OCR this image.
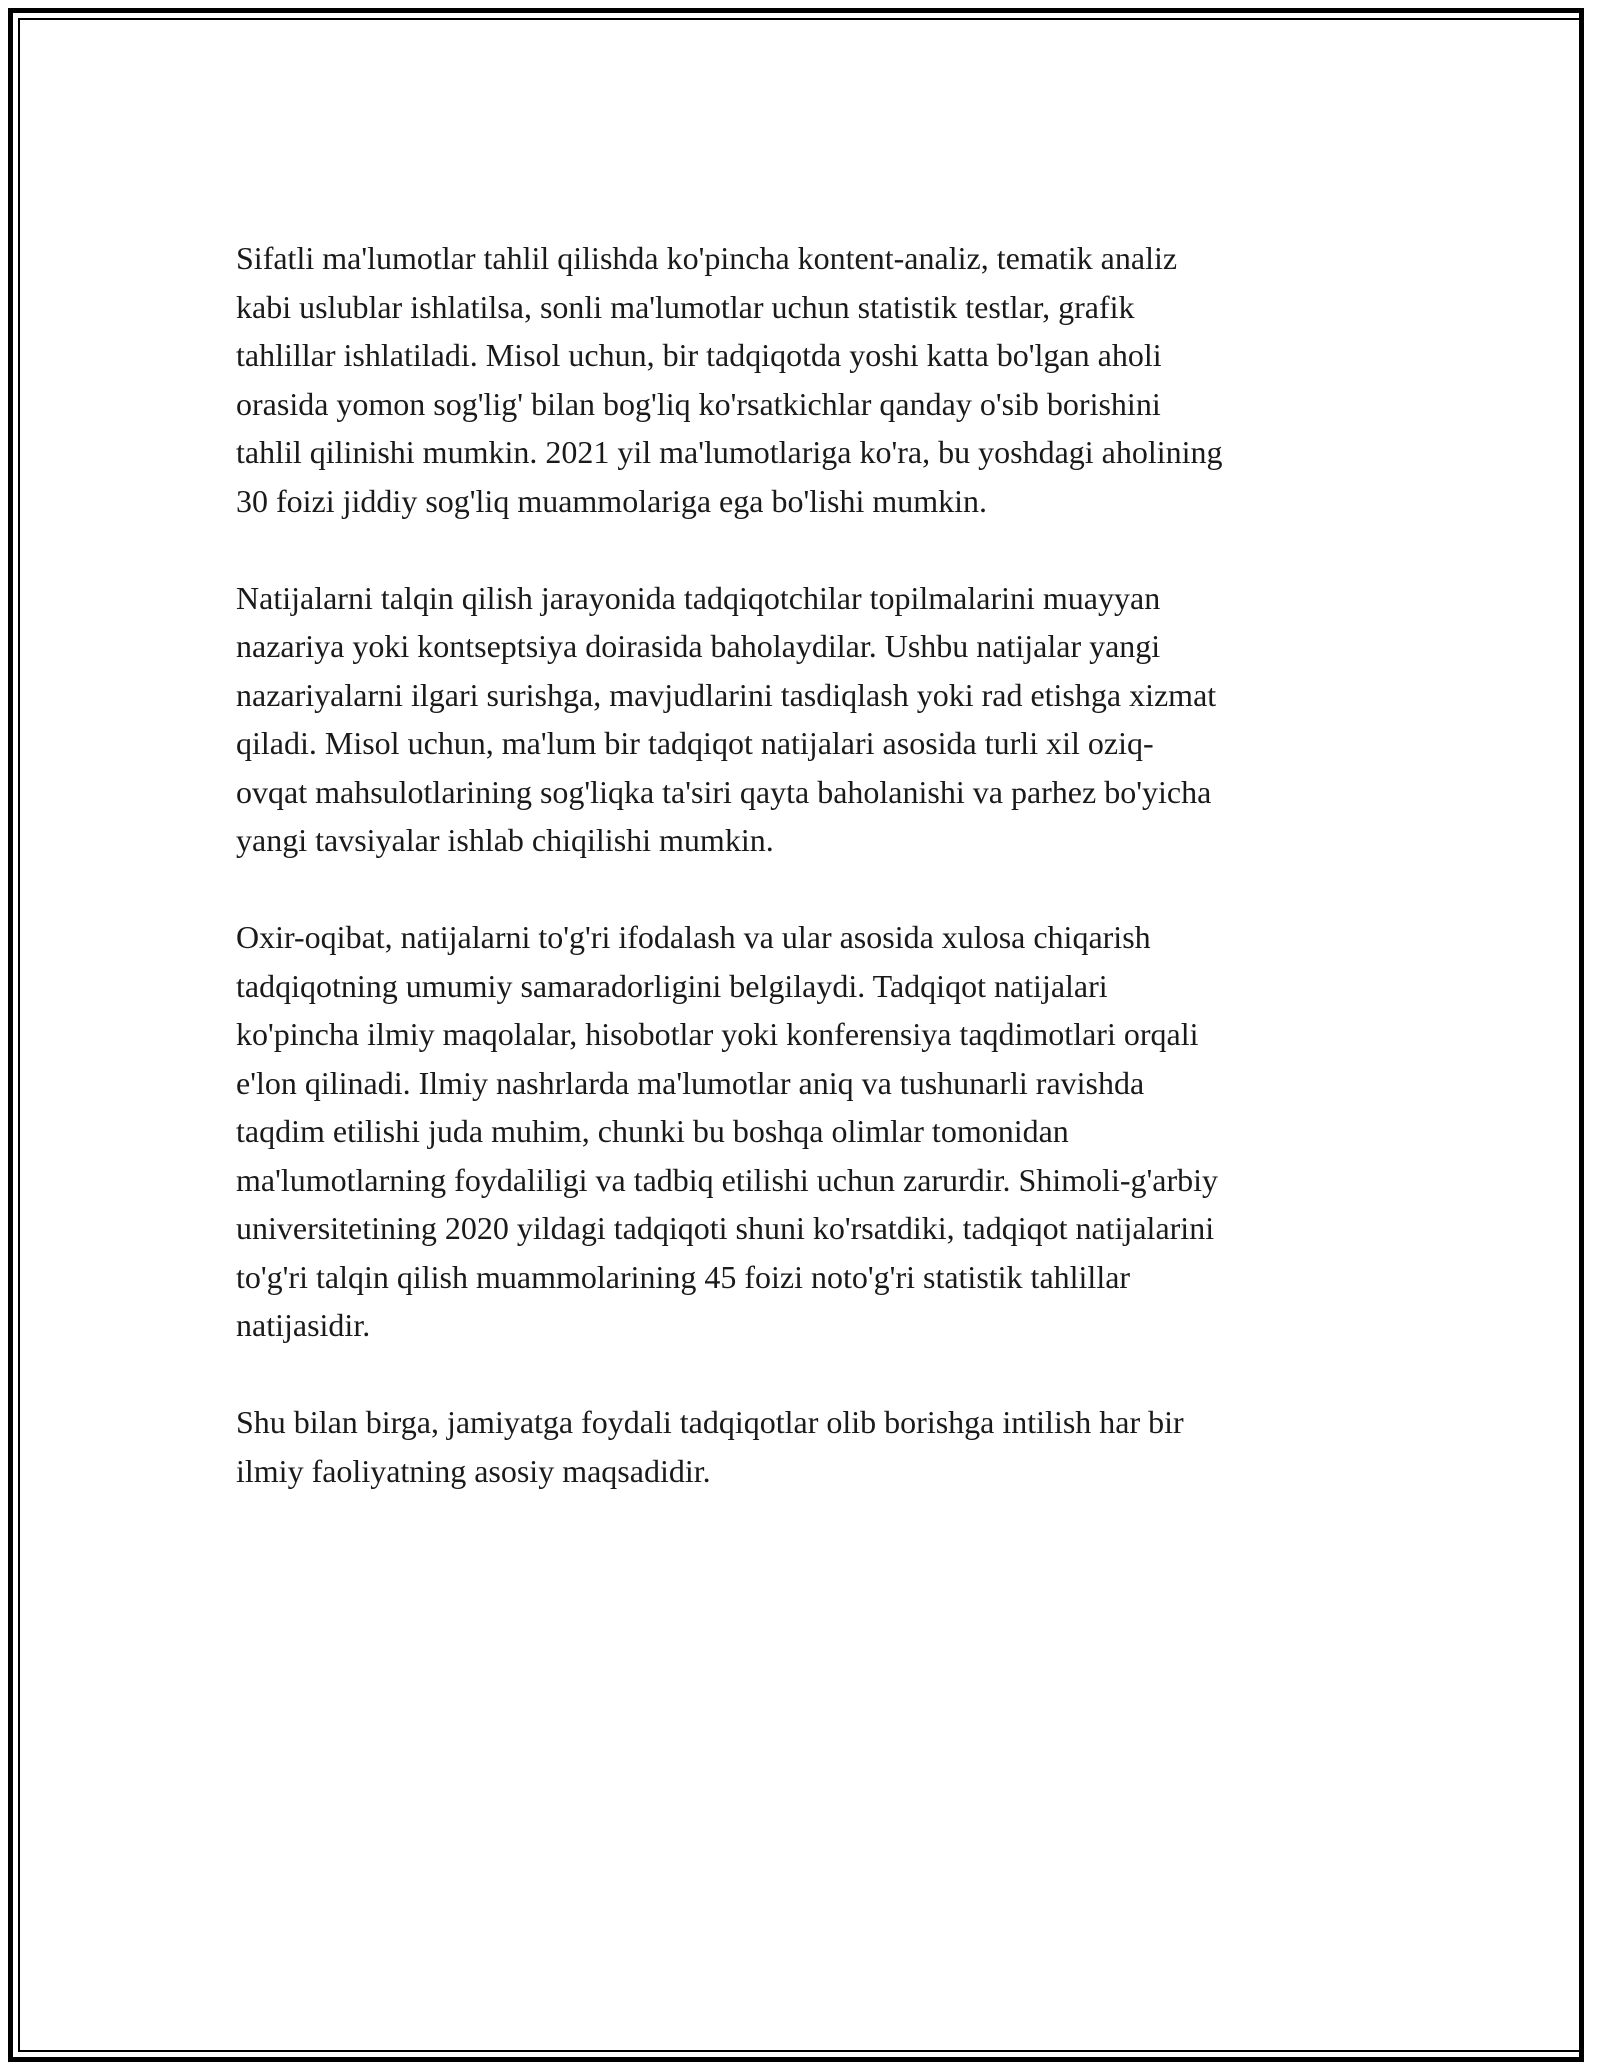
Sifatli ma'lumotlar tahlil qilishda ko'pincha kontent-analiz, tematik analiz
kabi uslublar ishlatilsa, sonli ma'lumotlar uchun statistik testlar, grafik
tahlillar ishlatiladi. Misol uchun, bir tadqiqotda yoshi katta bo'lgan aholi
orasida yomon sog'lig' bilan bog'liq ko'rsatkichlar qanday o'sib borishini
tahlil qilinishi mumkin. 2021 yil ma'lumotlariga ko'ra, bu yoshdagi aholining
30 foizi jiddiy sog'liq muammolariga ega bo'lishi mumkin.

Natijalarni talqin qilish jarayonida tadqiqotchilar topilmalarini muayyan
nazariya yoki kontseptsiya doirasida baholaydilar. Ushbu natijalar yangi
nazariyalarni ilgari surishga, mavjudlarini tasdiqlash yoki rad etishga xizmat
qiladi. Misol uchun, ma'lum bir tadqiqot natijalari asosida turli xil oziq-
ovqat mahsulotlarining sog'liqka ta'siri qayta baholanishi va parhez bo'yicha
yangi tavsiyalar ishlab chiqilishi mumkin.

Oxir-oqibat, natijalarni to'g'ri ifodalash va ular asosida xulosa chiqarish
tadqiqotning umumiy samaradorligini belgilaydi. Tadqiqot natijalari
ko'pincha ilmiy maqolalar, hisobotlar yoki konferensiya taqdimotlari orqali
e'lon qilinadi. Ilmiy nashrlarda ma'lumotlar aniq va tushunarli ravishda
taqdim etilishi juda muhim, chunki bu boshqa olimlar tomonidan
ma'lumotlarning foydaliligi va tadbiq etilishi uchun zarurdir. Shimoli-g'arbiy
universitetining 2020 yildagi tadqiqoti shuni ko'rsatdiki, tadqiqot natijalarini
to'g'ri talqin qilish muammolarining 45 foizi noto'g'ri statistik tahlillar
natijasidir.

Shu bilan birga, jamiyatga foydali tadqiqotlar olib borishga intilish har bir
ilmiy faoliyatning asosiy maqsadidir.
